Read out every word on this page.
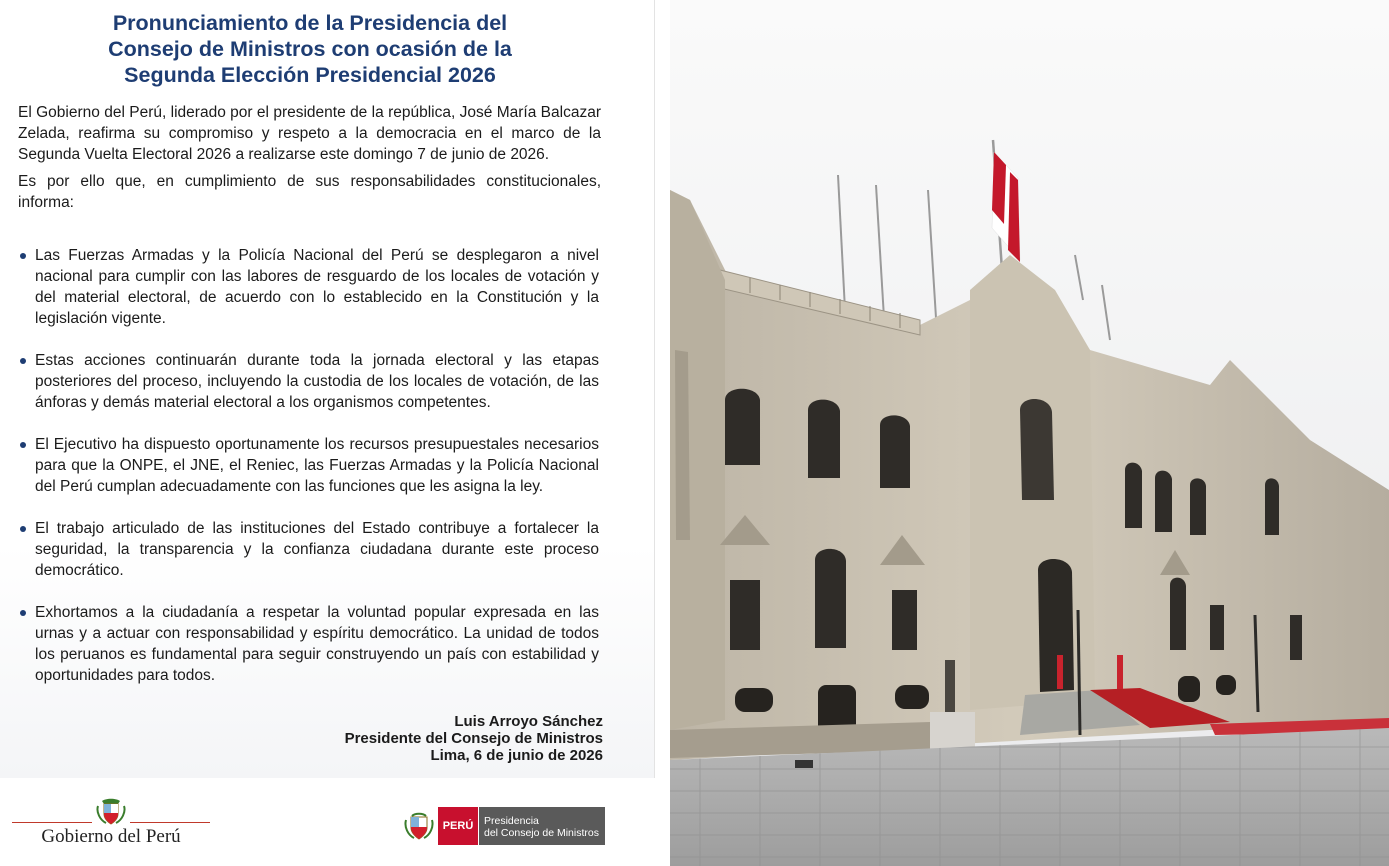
Pronunciamiento de la Presidencia del
Consejo de Ministros con ocasión de la
Segunda Elección Presidencial 2026

El Gobierno del Perú, liderado por el presidente de la república, José María Balcazar Zelada, reafirma su compromiso y respeto a la democracia en el marco de la Segunda Vuelta Electoral 2026 a realizarse este domingo 7 de junio de 2026.

Es por ello que, en cumplimiento de sus responsabilidades constitucionales, informa:

Las Fuerzas Armadas y la Policía Nacional del Perú se desplegaron a nivel nacional para cumplir con las labores de resguardo de los locales de votación y del material electoral, de acuerdo con lo establecido en la Constitución y la legislación vigente.
Estas acciones continuarán durante toda la jornada electoral y las etapas posteriores del proceso, incluyendo la custodia de los locales de votación, de las ánforas y demás material electoral a los organismos competentes.
El Ejecutivo ha dispuesto oportunamente los recursos presupuestales necesarios para que la ONPE, el JNE, el Reniec, las Fuerzas Armadas y la Policía Nacional del Perú cumplan adecuadamente con las funciones que les asigna la ley.
El trabajo articulado de las instituciones del Estado contribuye a fortalecer la seguridad, la transparencia y la confianza ciudadana durante este proceso democrático.
Exhortamos a la ciudadanía a respetar la voluntad popular expresada en las urnas y a actuar con responsabilidad y espíritu democrático. La unidad de todos los peruanos es fundamental para seguir construyendo un país con estabilidad y oportunidades para todos.
Luis Arroyo Sánchez
Presidente del Consejo de Ministros
Lima, 6 de junio de 2026
Gobierno del Perú	PERÚ	Presidencia
del Consejo de Ministros
